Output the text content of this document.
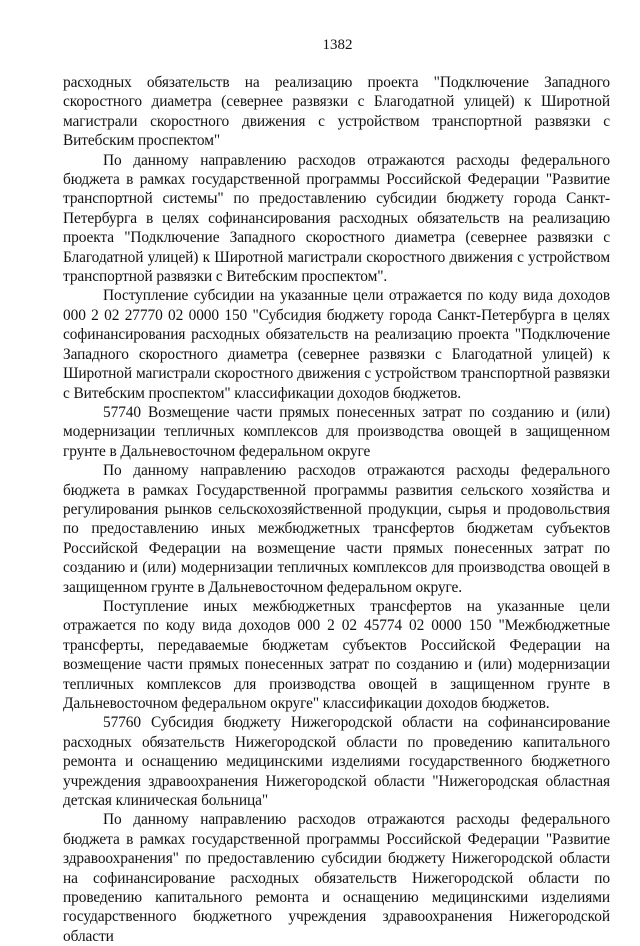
1382

расходных обязательств на реализацию проекта "Подключение Западного скоростного диаметра (севернее развязки с Благодатной улицей) к Широтной магистрали скоростного движения с устройством транспортной развязки с Витебским проспектом"

По данному направлению расходов отражаются расходы федерального бюджета в рамках государственной программы Российской Федерации "Развитие транспортной системы" по предоставлению субсидии бюджету города Санкт-Петербурга в целях софинансирования расходных обязательств на реализацию проекта "Подключение Западного скоростного диаметра (севернее развязки с Благодатной улицей) к Широтной магистрали скоростного движения с устройством транспортной развязки с Витебским проспектом".

Поступление субсидии на указанные цели отражается по коду вида доходов 000 2 02 27770 02 0000 150 "Субсидия бюджету города Санкт-Петербурга в целях софинансирования расходных обязательств на реализацию проекта "Подключение Западного скоростного диаметра (севернее развязки с Благодатной улицей) к Широтной магистрали скоростного движения с устройством транспортной развязки с Витебским проспектом" классификации доходов бюджетов.

57740 Возмещение части прямых понесенных затрат по созданию и (или) модернизации тепличных комплексов для производства овощей в защищенном грунте в Дальневосточном федеральном округе

По данному направлению расходов отражаются расходы федерального бюджета в рамках Государственной программы развития сельского хозяйства и регулирования рынков сельскохозяйственной продукции, сырья и продовольствия по предоставлению иных межбюджетных трансфертов бюджетам субъектов Российской Федерации на возмещение части прямых понесенных затрат по созданию и (или) модернизации тепличных комплексов для производства овощей в защищенном грунте в Дальневосточном федеральном округе.

Поступление иных межбюджетных трансфертов на указанные цели отражается по коду вида доходов 000 2 02 45774 02 0000 150 "Межбюджетные трансферты, передаваемые бюджетам субъектов Российской Федерации на возмещение части прямых понесенных затрат по созданию и (или) модернизации тепличных комплексов для производства овощей в защищенном грунте в Дальневосточном федеральном округе" классификации доходов бюджетов.

57760 Субсидия бюджету Нижегородской области на софинансирование расходных обязательств Нижегородской области по проведению капитального ремонта и оснащению медицинскими изделиями государственного бюджетного учреждения здравоохранения Нижегородской области "Нижегородская областная детская клиническая больница"

По данному направлению расходов отражаются расходы федерального бюджета в рамках государственной программы Российской Федерации "Развитие здравоохранения" по предоставлению субсидии бюджету Нижегородской области на софинансирование расходных обязательств Нижегородской области по проведению капитального ремонта и оснащению медицинскими изделиями государственного бюджетного учреждения здравоохранения Нижегородской области
